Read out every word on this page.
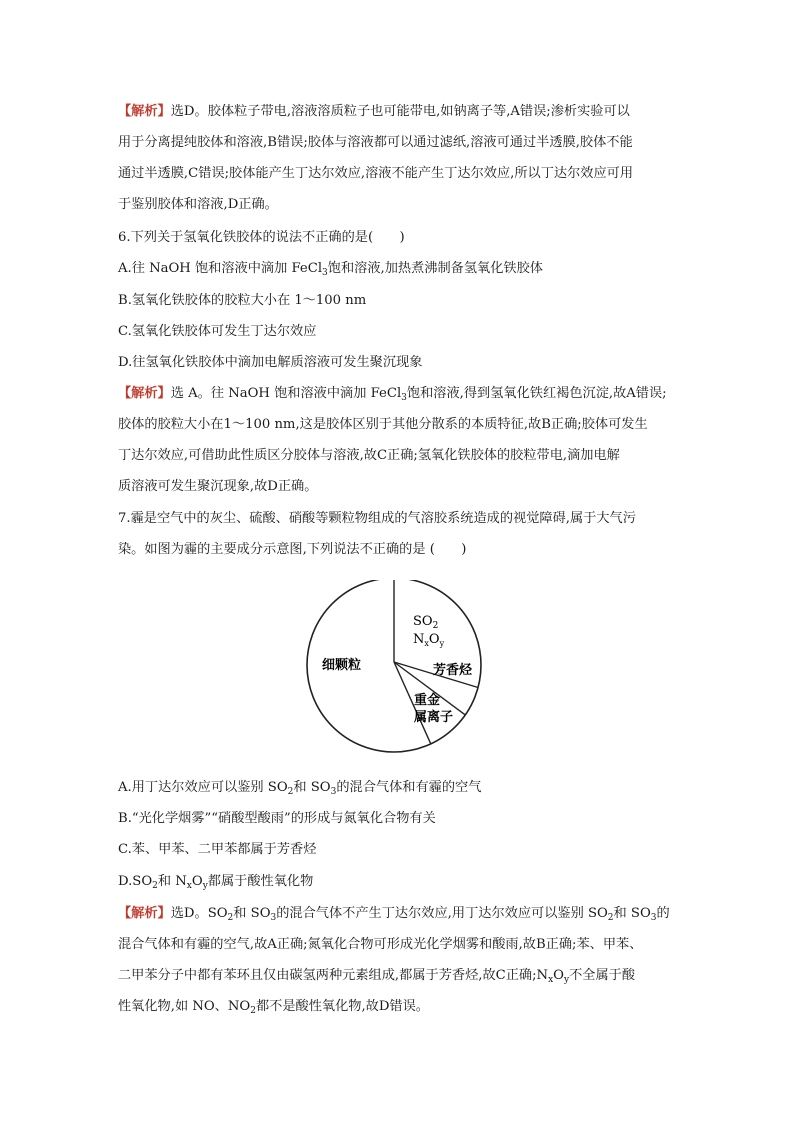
【解析】选D。胶体粒子带电,溶液溶质粒子也可能带电,如钠离子等,A错误;渗析实验可以
用于分离提纯胶体和溶液,B错误;胶体与溶液都可以通过滤纸,溶液可通过半透膜,胶体不能
通过半透膜,C错误;胶体能产生丁达尔效应,溶液不能产生丁达尔效应,所以丁达尔效应可用
于鉴别胶体和溶液,D正确。
6.下列关于氢氧化铁胶体的说法不正确的是(　　)
A.往 NaOH 饱和溶液中滴加 FeCl$_3$饱和溶液,加热煮沸制备氢氧化铁胶体
B.氢氧化铁胶体的胶粒大小在 1～100 nm
C.氢氧化铁胶体可发生丁达尔效应
D.往氢氧化铁胶体中滴加电解质溶液可发生聚沉现象
【解析】选 A。往 NaOH 饱和溶液中滴加 FeCl$_3$饱和溶液,得到氢氧化铁红褐色沉淀,故A错误;
胶体的胶粒大小在1～100 nm,这是胶体区别于其他分散系的本质特征,故B正确;胶体可发生
丁达尔效应,可借助此性质区分胶体与溶液,故C正确;氢氧化铁胶体的胶粒带电,滴加电解
质溶液可发生聚沉现象,故D正确。
7.霾是空气中的灰尘、硫酸、硝酸等颗粒物组成的气溶胶系统造成的视觉障碍,属于大气污
染。如图为霾的主要成分示意图,下列说法不正确的是 (　　)
$SO_2$
$N_xO_y$
芳香烃
重金
属离子
细颗粒
A.用丁达尔效应可以鉴别 $SO_2$和 $SO_3$的混合气体和有霾的空气
B.“光化学烟雾”“硝酸型酸雨”的形成与氮氧化合物有关
C.苯、甲苯、二甲苯都属于芳香烃
$D.SO_2$和 $N_xO_y$都属于酸性氧化物
【解析】选D。$SO_2$和 $SO_3$的混合气体不产生丁达尔效应,用丁达尔效应可以鉴别 $SO_2$和 $SO_3$的
混合气体和有霾的空气,故A正确;氮氧化合物可形成光化学烟雾和酸雨,故B正确;苯、甲苯、
二甲苯分子中都有苯环且仅由碳氢两种元素组成,都属于芳香烃,故C正确$;N_xO_y$不全属于酸
性氧化物,如 NO、$NO_2$都不是酸性氧化物,故D错误。
